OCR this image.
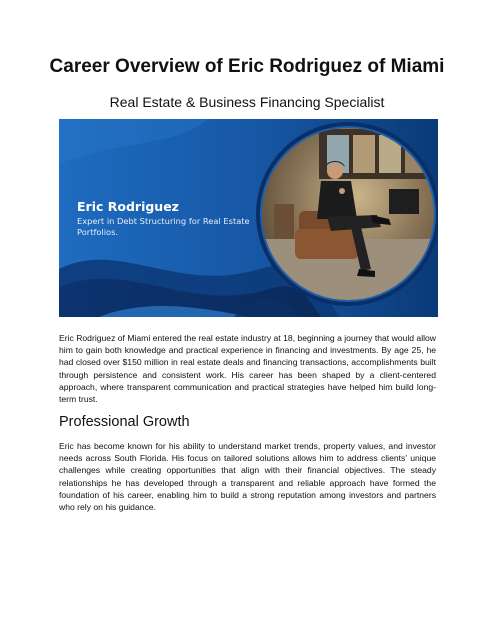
Career Overview of Eric Rodriguez of Miami
Real Estate & Business Financing Specialist
Eric Rodriguez
Expert in Debt Structuring for Real Estate Portfolios.

Eric Rodriguez of Miami entered the real estate industry at 18, beginning a journey that would allow him to gain both knowledge and practical experience in financing and investments. By age 25, he had closed over $150 million in real estate deals and financing transactions, accomplishments built through persistence and consistent work. His career has been shaped by a client-centered approach, where transparent communication and practical strategies have helped him build long-term trust.

Professional Growth

Eric has become known for his ability to understand market trends, property values, and investor needs across South Florida. His focus on tailored solutions allows him to address clients' unique challenges while creating opportunities that align with their financial objectives. The steady relationships he has developed through a transparent and reliable approach have formed the foundation of his career, enabling him to build a strong reputation among investors and partners who rely on his guidance.
